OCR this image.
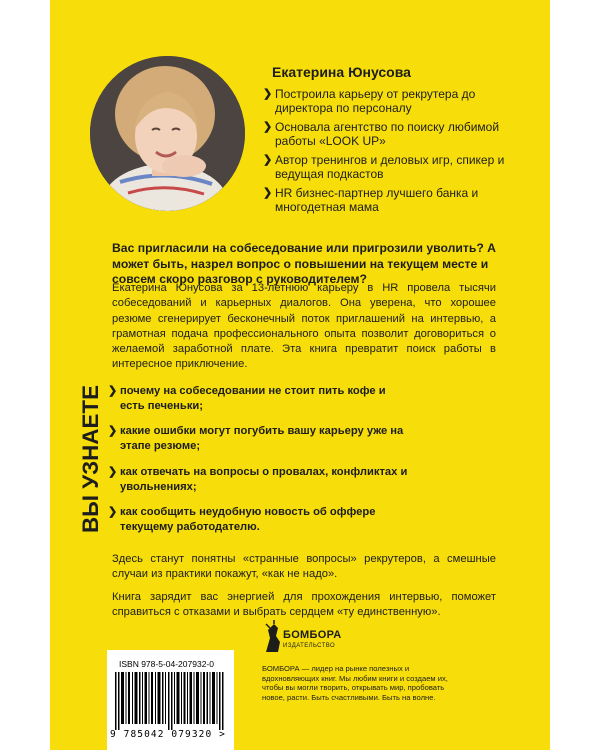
Екатерина Юнусова
❯ Построила карьеру от рекрутера до директора по персоналу
❯ Основала агентство по поиску любимой работы «LOOK UP»
❯ Автор тренингов и деловых игр, спикер и ведущая подкастов
❯ HR бизнес-партнер лучшего банка и многодетная мама
Вас пригласили на собеседование или пригрозили уволить? А может быть, назрел вопрос о повышении на текущем месте и совсем скоро разговор с руководителем?
Екатерина Юнусова за 13-летнюю карьеру в HR провела тысячи собеседований и карьерных диалогов. Она уверена, что хорошее резюме сгенерирует бесконечный поток приглашений на интервью, а грамотная подача профессионального опыта позволит договориться о желаемой заработной плате. Эта книга превратит поиск работы в интересное приключение.
ВЫ УЗНАЕТЕ ❯ почему на собеседовании не стоит пить кофе и есть печеньки;
❯ какие ошибки могут погубить вашу карьеру уже на этапе резюме;
❯ как отвечать на вопросы о провалах, конфликтах и увольнениях;
❯ как сообщить неудобную новость об оффере текущему работодателю.
Здесь станут понятны «странные вопросы» рекрутеров, а смешные случаи из практики покажут, «как не надо».
Книга зарядит вас энергией для прохождения интервью, поможет справиться с отказами и выбрать сердцем «ту единственную».
ISBN 978-5-04-207932-0
9 785042 079320 >
БОМБОРА
ИЗДАТЕЛЬСТВО
БОМБОРА — лидер на рынке полезных и вдохновляющих книг. Мы любим книги и создаем их, чтобы вы могли творить, открывать мир, пробовать новое, расти. Быть счастливыми. Быть на волне.
